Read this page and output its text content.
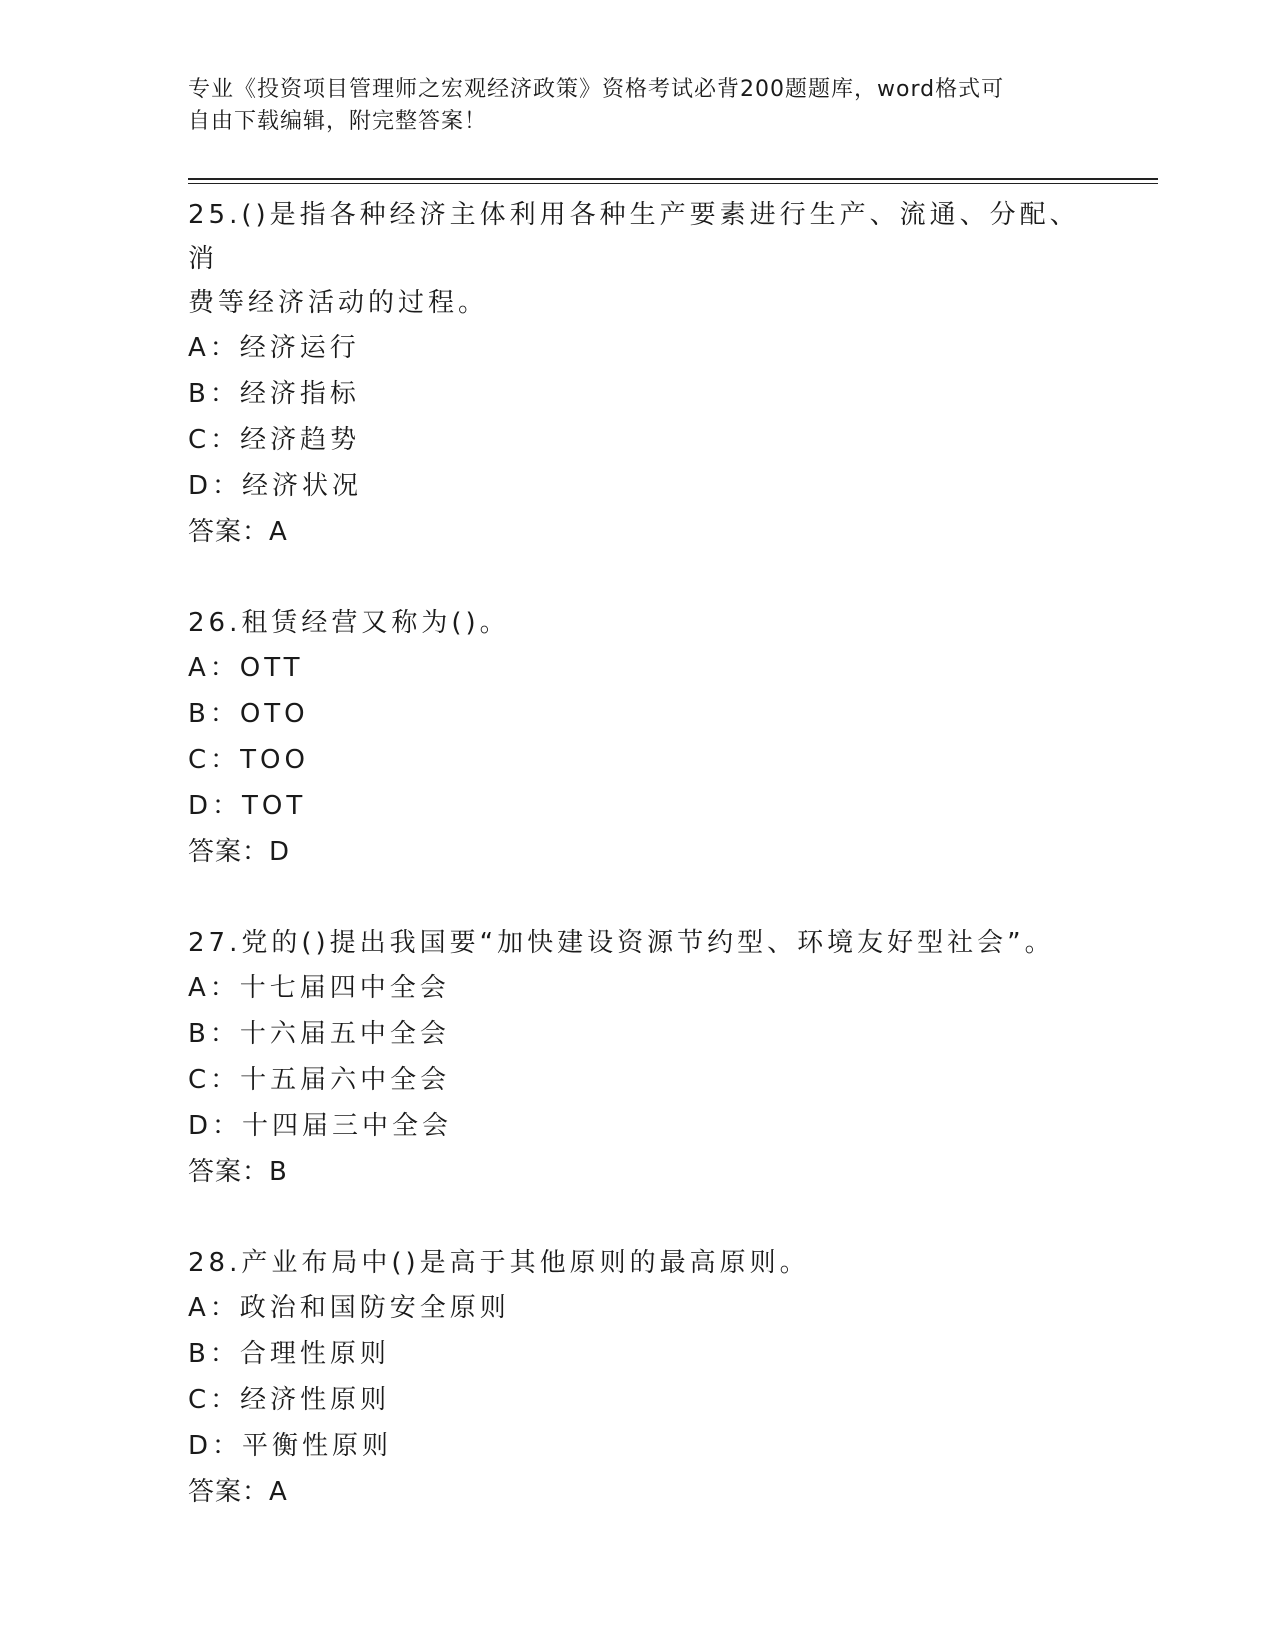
专业《投资项目管理师之宏观经济政策》资格考试必背200题题库，word格式可
自由下载编辑，附完整答案！

25.()是指各种经济主体利用各种生产要素进行生产、流通、分配、消

费等经济活动的过程。

A：经济运行

B：经济指标

C：经济趋势

D：经济状况

答案：A

26.租赁经营又称为()。

A：OTT

B：OTO

C：TOO

D：TOT

答案：D

27.党的()提出我国要“加快建设资源节约型、环境友好型社会”。

A：十七届四中全会

B：十六届五中全会

C：十五届六中全会

D：十四届三中全会

答案：B

28.产业布局中()是高于其他原则的最高原则。

A：政治和国防安全原则

B：合理性原则

C：经济性原则

D：平衡性原则

答案：A
